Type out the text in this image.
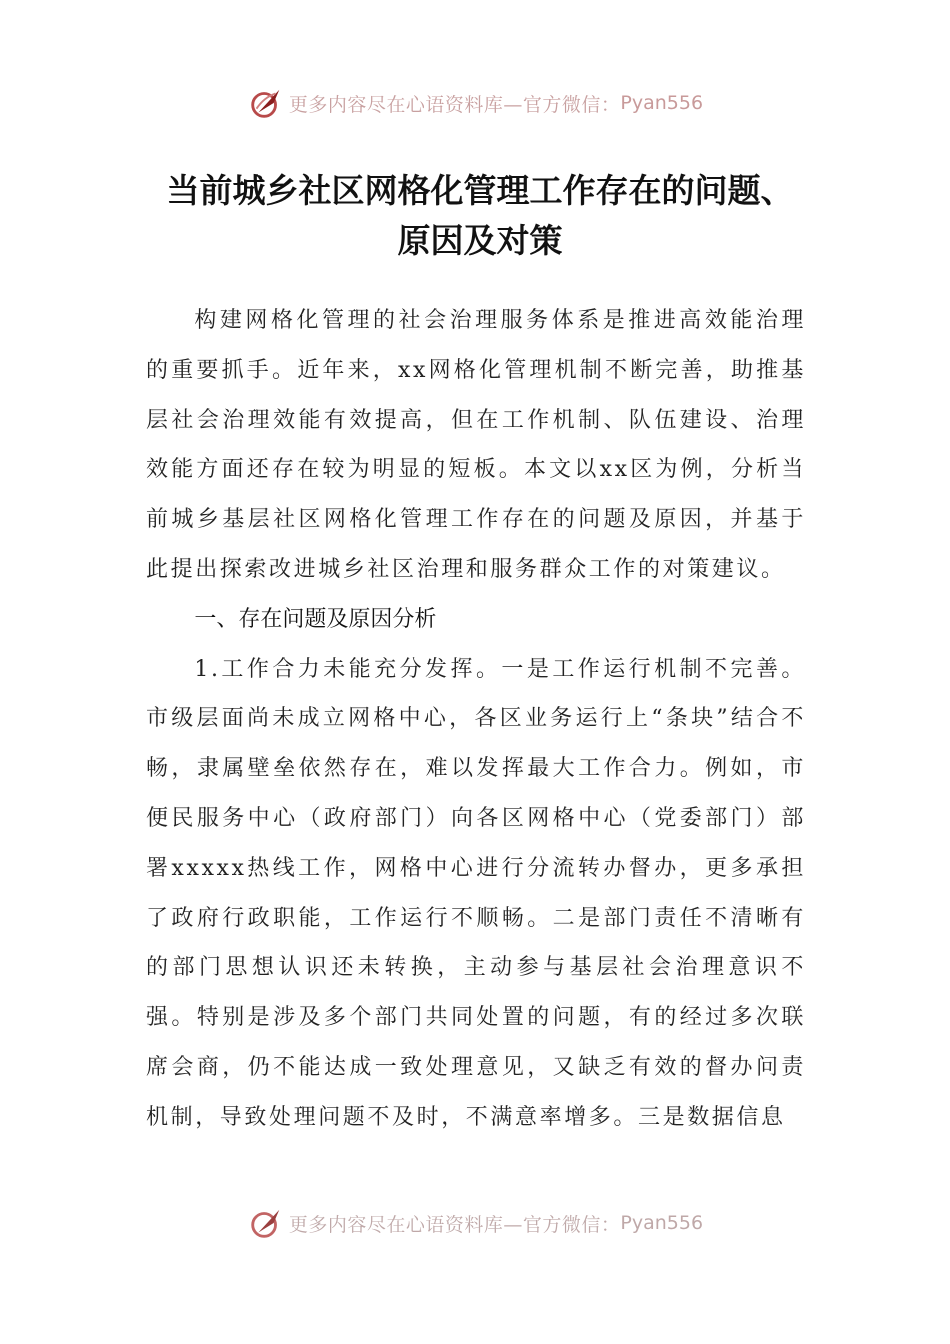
更多内容尽在心语资料库—官方微信： Pyan556
当前城乡社区网格化管理工作存在的问题、
原因及对策

构建网格化管理的社会治理服务体系是推进高效能治理的重要抓手。近年来，xx网格化管理机制不断完善，助推基层社会治理效能有效提高，但在工作机制、队伍建设、治理效能方面还存在较为明显的短板。本文以xx区为例，分析当前城乡基层社区网格化管理工作存在的问题及原因，并基于此提出探索改进城乡社区治理和服务群众工作的对策建议。

一、存在问题及原因分析

1.工作合力未能充分发挥。一是工作运行机制不完善。市级层面尚未成立网格中心，各区业务运行上“条块”结合不畅，隶属壁垒依然存在，难以发挥最大工作合力。例如，市便民服务中心（政府部门）向各区网格中心（党委部门）部署xxxxx热线工作，网格中心进行分流转办督办，更多承担了政府行政职能，工作运行不顺畅。二是部门责任不清晰有的部门思想认识还未转换，主动参与基层社会治理意识不强。特别是涉及多个部门共同处置的问题，有的经过多次联席会商，仍不能达成一致处理意见，又缺乏有效的督办问责机制，导致处理问题不及时，不满意率增多。三是数据信息

更多内容尽在心语资料库—官方微信： Pyan556
